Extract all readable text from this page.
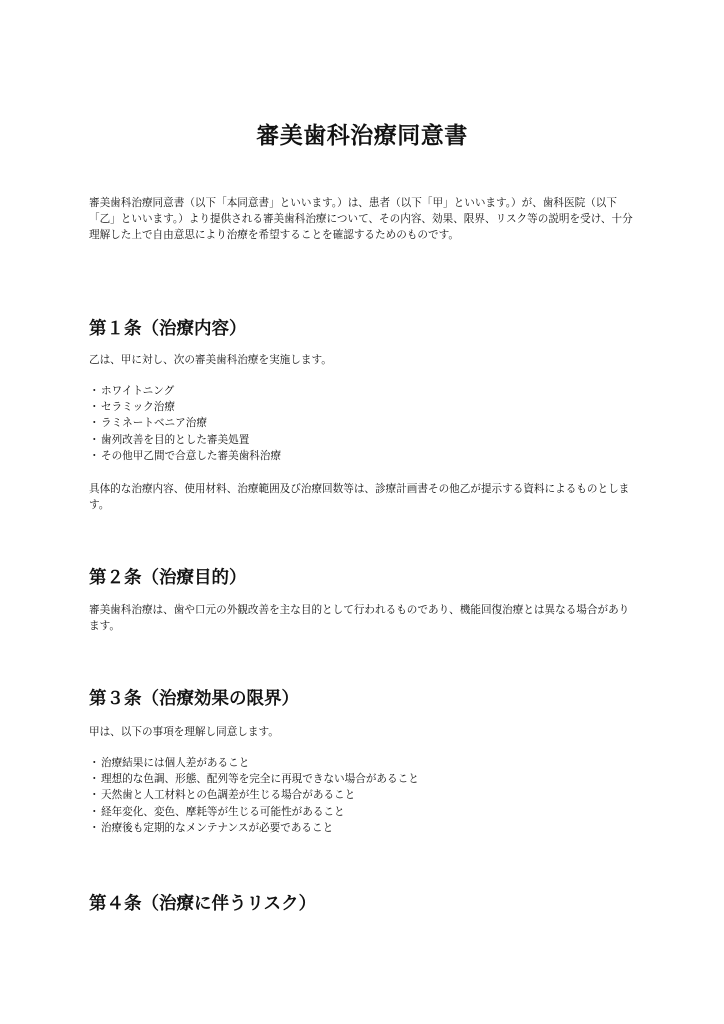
審美歯科治療同意書

審美歯科治療同意書（以下「本同意書」といいます。）は、患者（以下「甲」といいます。）が、歯科医院（以下「乙」といいます。）より提供される審美歯科治療について、その内容、効果、限界、リスク等の説明を受け、十分理解した上で自由意思により治療を希望することを確認するためのものです。

第１条（治療内容）

乙は、甲に対し、次の審美歯科治療を実施します。

・ホワイトニング
・セラミック治療
・ラミネートベニア治療
・歯列改善を目的とした審美処置
・その他甲乙間で合意した審美歯科治療

具体的な治療内容、使用材料、治療範囲及び治療回数等は、診療計画書その他乙が提示する資料によるものとします。

第２条（治療目的）

審美歯科治療は、歯や口元の外観改善を主な目的として行われるものであり、機能回復治療とは異なる場合があります。

第３条（治療効果の限界）

甲は、以下の事項を理解し同意します。

・治療結果には個人差があること
・理想的な色調、形態、配列等を完全に再現できない場合があること
・天然歯と人工材料との色調差が生じる場合があること
・経年変化、変色、摩耗等が生じる可能性があること
・治療後も定期的なメンテナンスが必要であること
第４条（治療に伴うリスク）
